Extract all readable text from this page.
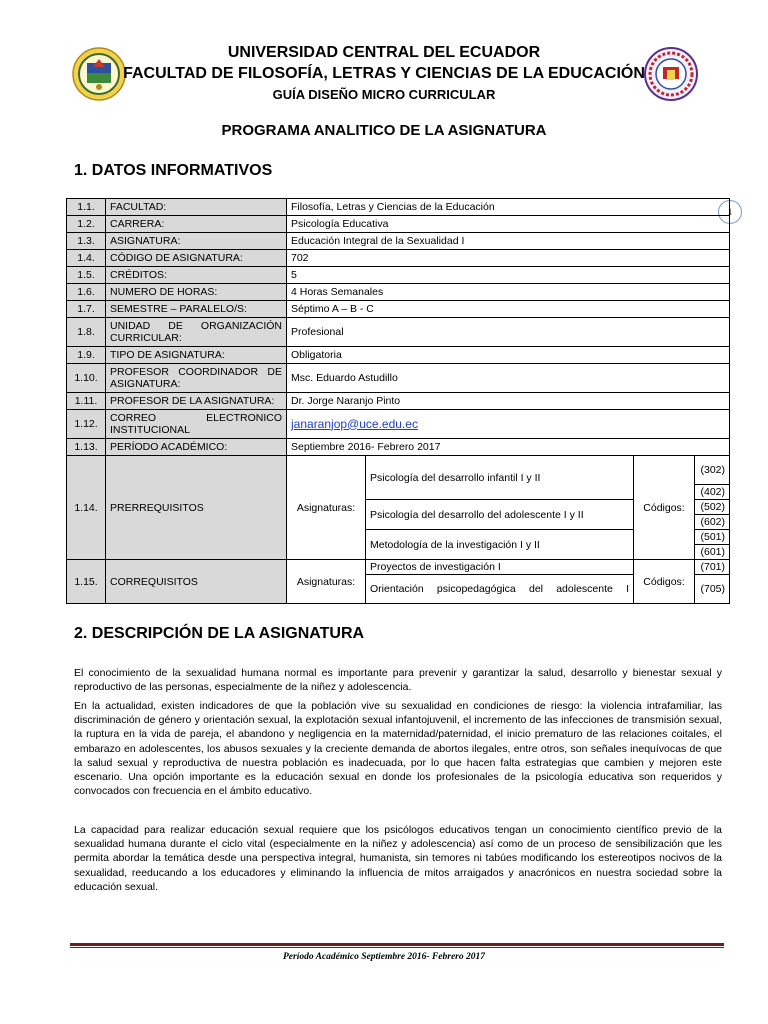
UNIVERSIDAD CENTRAL DEL ECUADOR
FACULTAD DE FILOSOFÍA, LETRAS Y CIENCIAS DE LA EDUCACIÓN
GUÍA DISEÑO MICRO CURRICULAR
PROGRAMA ANALITICO DE LA ASIGNATURA
1. DATOS INFORMATIVOS
1
1.1.	FACULTAD:	Filosofía, Letras y Ciencias de la Educación			
1.2.	CARRERA:	Psicología Educativa			
1.3.	ASIGNATURA:	Educación Integral de la Sexualidad I			
1.4.	CÓDIGO DE ASIGNATURA:	702			
1.5.	CRÉDITOS:	5			
1.6.	NUMERO DE HORAS:	4 Horas Semanales			
1.7.	SEMESTRE – PARALELO/S:	Séptimo A – B - C			
1.8.	UNIDAD DE ORGANIZACIÓN CURRICULAR:	Profesional			
1.9.	TIPO DE ASIGNATURA:	Obligatoria			
1.10.	PROFESOR COORDINADOR DE ASIGNATURA:	Msc. Eduardo Astudillo			
1.11.	PROFESOR DE LA ASIGNATURA:	Dr. Jorge Naranjo Pinto			
1.12.	CORREO ELECTRONICO INSTITUCIONAL	janaranjop@uce.edu.ec			
1.13.	PERÍODO ACADÉMICO:	Septiembre 2016- Febrero 2017			
1.14.	PRERREQUISITOS	Asignaturas:	Psicología del desarrollo infantil I y II	Códigos:	(302)
					(402)
			Psicología del desarrollo del adolescente I y II		(502)
					(602)
			Metodología de la investigación I y II		(501)
					(601)
1.15.	CORREQUISITOS	Asignaturas:	Proyectos de investigación I	Códigos:	(701)
			Orientación psicopedagógica del adolescente I		(705)
2. DESCRIPCIÓN DE LA ASIGNATURA
El conocimiento de la sexualidad humana normal es importante para prevenir y garantizar la salud, desarrollo y bienestar sexual y reproductivo de las personas, especialmente de la niñez y adolescencia.
En la actualidad, existen indicadores de que la población vive su sexualidad en condiciones de riesgo: la violencia intrafamiliar, las discriminación de género y orientación sexual, la explotación sexual infantojuvenil, el incremento de las infecciones de transmisión sexual, la ruptura en la vida de pareja, el abandono y negligencia en la maternidad/paternidad, el inicio prematuro de las relaciones coitales, el embarazo en adolescentes, los abusos sexuales y la creciente demanda de abortos ilegales, entre otros, son señales inequívocas de que la salud sexual y reproductiva de nuestra población es inadecuada, por lo que hacen falta estrategias que cambien y mejoren este escenario. Una opción importante es la educación sexual en donde los profesionales de la psicología educativa son requeridos y convocados con frecuencia en el ámbito educativo.
La capacidad para realizar educación sexual requiere que los psicólogos educativos tengan un conocimiento científico previo de la sexualidad humana durante el ciclo vital (especialmente en la niñez y adolescencia) así como de un proceso de sensibilización que les permita abordar la temática desde una perspectiva integral, humanista, sin temores ni tabúes modificando los estereotipos nocivos de la sexualidad, reeducando a los educadores y eliminando la influencia de mitos arraigados y anacrónicos en nuestra sociedad sobre la educación sexual.
Período Académico Septiembre 2016- Febrero 2017
